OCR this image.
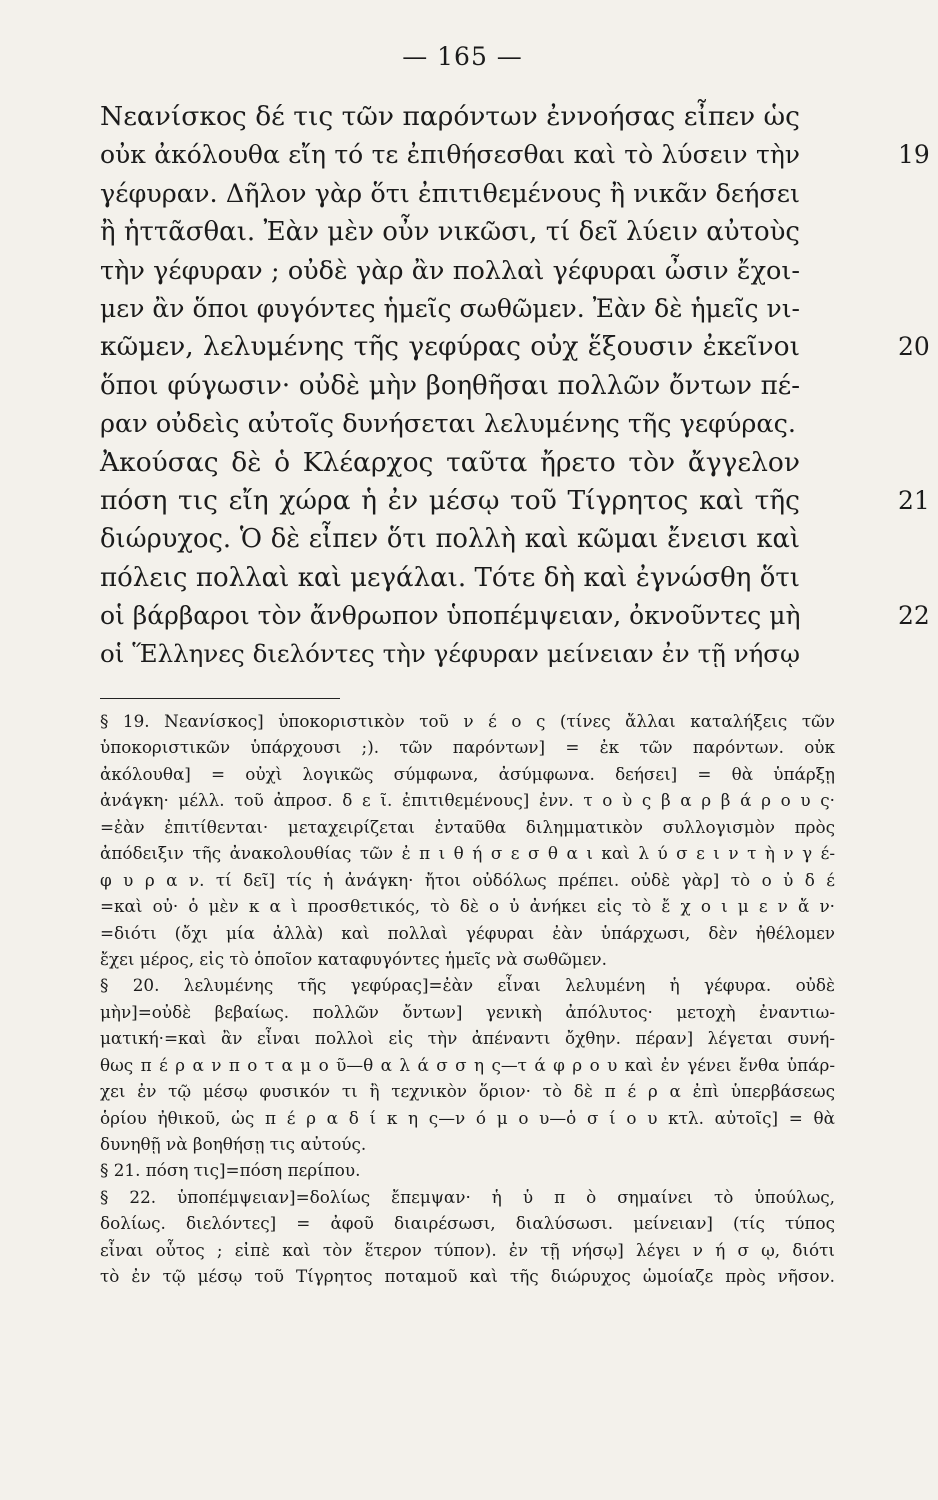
— 165 —
Νεανίσκος δέ τις τῶν παρόντων ἐννοήσας εἶπεν ὡς
19
οὐκ ἀκόλουθα εἴη τό τε ἐπιθήσεσθαι καὶ τὸ λύσειν τὴν
γέφυραν. Δῆλον γὰρ ὅτι ἐπιτιθεμένους ἢ νικᾶν δεήσει
ἢ ἡττᾶσθαι. Ἐὰν μὲν οὖν νικῶσι, τί δεῖ λύειν αὐτοὺς
τὴν γέφυραν ; οὐδὲ γὰρ ἂν πολλαὶ γέφυραι ὦσιν ἔχοι-
μεν ἂν ὅποι φυγόντες ἡμεῖς σωθῶμεν. Ἐὰν δὲ ἡμεῖς νι-
20
κῶμεν, λελυμένης τῆς γεφύρας οὐχ ἕξουσιν ἐκεῖνοι
ὅποι φύγωσιν· οὐδὲ μὴν βοηθῆσαι πολλῶν ὄντων πέ-
ραν οὐδεὶς αὐτοῖς δυνήσεται λελυμένης τῆς γεφύρας.
Ἀκούσας δὲ ὁ Κλέαρχος ταῦτα ἤρετο τὸν ἄγγελον
21
πόση τις εἴη χώρα ἡ ἐν μέσῳ τοῦ Τίγρητος καὶ τῆς
διώρυχος. Ὁ δὲ εἶπεν ὅτι πολλὴ καὶ κῶμαι ἔνεισι καὶ
πόλεις πολλαὶ καὶ μεγάλαι. Τότε δὴ καὶ ἐγνώσθη ὅτι
22
οἱ βάρβαροι τὸν ἄνθρωπον ὑποπέμψειαν, ὀκνοῦντες μὴ
οἱ Ἕλληνες διελόντες τὴν γέφυραν μείνειαν ἐν τῇ νήσῳ
§ 19. Νεανίσκος] ὑποκοριστικὸν τοῦ ν έ ο ς (τίνες ἄλλαι καταλήξεις τῶν
ὑποκοριστικῶν ὑπάρχουσι ;). τῶν παρόντων] = ἐκ τῶν παρόντων. οὐκ
ἀκόλουθα] = οὐχὶ λογικῶς σύμφωνα, ἀσύμφωνα. δεήσει] = θὰ ὑπάρξῃ
ἀνάγκη· μέλλ. τοῦ ἀπροσ. δ ε ῖ. ἐπιτιθεμένους] ἐνν. τ ο ὺ ς β α ρ β ά ρ ο υ ς·
=ἐὰν ἐπιτίθενται· μεταχειρίζεται ἐνταῦθα διλημματικὸν συλλογισμὸν πρὸς
ἀπόδειξιν τῆς ἀνακολουθίας τῶν ἐ π ι θ ή σ ε σ θ α ι καὶ λ ύ σ ε ι ν τ ὴ ν γ έ-
φ υ ρ α ν. τί δεῖ] τίς ἡ ἀνάγκη· ἤτοι οὐδόλως πρέπει. οὐδὲ γὰρ] τὸ ο ὐ δ έ
=καὶ οὐ· ὁ μὲν κ α ὶ προσθετικός, τὸ δὲ ο ὐ ἀνήκει εἰς τὸ ἔ χ ο ι μ ε ν ἄ ν·
=διότι (ὄχι μία ἀλλὰ) καὶ πολλαὶ γέφυραι ἐὰν ὑπάρχωσι, δὲν ἠθέλομεν
ἔχει μέρος, εἰς τὸ ὁποῖον καταφυγόντες ἡμεῖς νὰ σωθῶμεν.
§ 20. λελυμένης τῆς γεφύρας]=ἐὰν εἶναι λελυμένη ἡ γέφυρα. οὐδὲ
μὴν]=οὐδὲ βεβαίως. πολλῶν ὄντων] γενικὴ ἀπόλυτος· μετοχὴ ἐναντιω-
ματική·=καὶ ἂν εἶναι πολλοὶ εἰς τὴν ἀπέναντι ὄχθην. πέραν] λέγεται συνή-
θως π έ ρ α ν π ο τ α μ ο ῦ—θ α λ ά σ σ η ς—τ ά φ ρ ο υ καὶ ἐν γένει ἔνθα ὑπάρ-
χει ἐν τῷ μέσῳ φυσικόν τι ἢ τεχνικὸν ὅριον· τὸ δὲ π έ ρ α ἐπὶ ὑπερβάσεως
ὁρίου ἠθικοῦ, ὡς π έ ρ α δ ί κ η ς—ν ό μ ο υ—ὁ σ ί ο υ κτλ. αὐτοῖς] = θὰ
δυνηθῇ νὰ βοηθήσῃ τις αὐτούς.
§ 21. πόση τις]=πόση περίπου.
§ 22. ὑποπέμψειαν]=δολίως ἔπεμψαν· ἡ ὑ π ὸ σημαίνει τὸ ὑπούλως,
δολίως. διελόντες] = ἀφοῦ διαιρέσωσι, διαλύσωσι. μείνειαν] (τίς τύπος
εἶναι οὗτος ; εἰπὲ καὶ τὸν ἕτερον τύπον). ἐν τῇ νήσῳ] λέγει ν ή σ ῳ, διότι
τὸ ἐν τῷ μέσῳ τοῦ Τίγρητος ποταμοῦ καὶ τῆς διώρυχος ὡμοίαζε πρὸς νῆσον.
